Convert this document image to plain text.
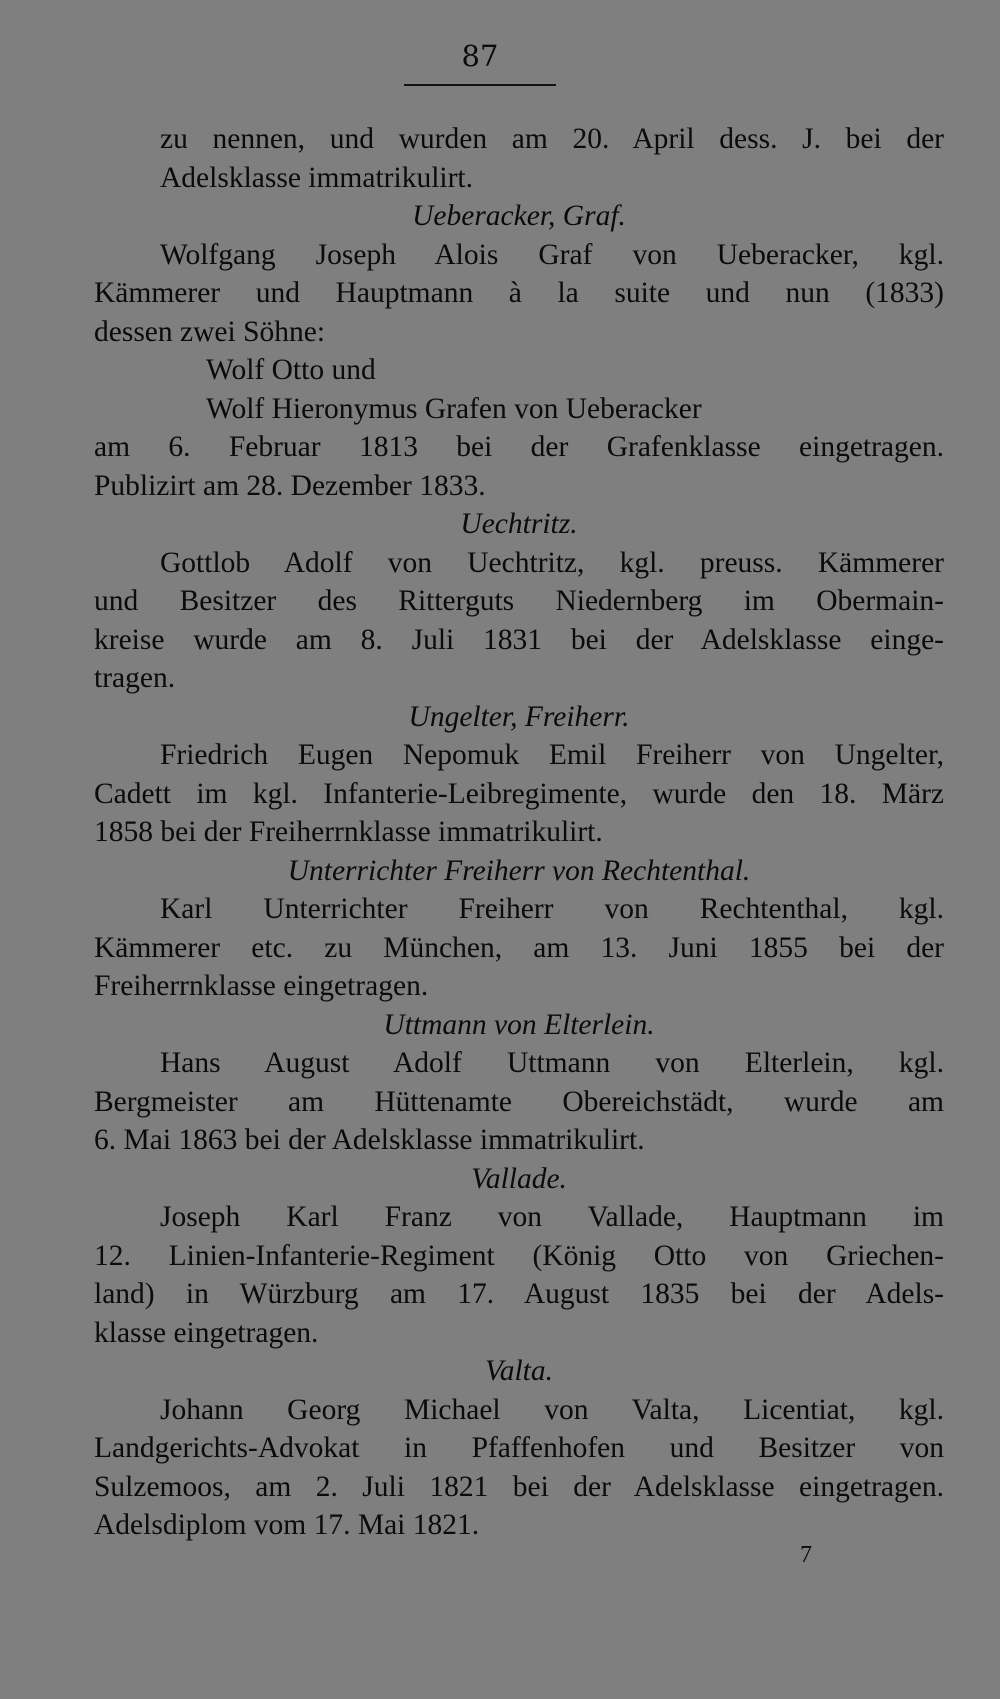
87
zu nennen, und wurden am 20. April dess. J. bei der
Adelsklasse immatrikulirt.
Ueberacker, Graf.
Wolfgang Joseph Alois Graf von Ueberacker, kgl.
Kämmerer und Hauptmann à la suite und nun (1833)
dessen zwei Söhne:
Wolf Otto und
Wolf Hieronymus Grafen von Ueberacker
am 6. Februar 1813 bei der Grafenklasse eingetragen.
Publizirt am 28. Dezember 1833.
Uechtritz.
Gottlob Adolf von Uechtritz, kgl. preuss. Kämmerer
und Besitzer des Ritterguts Niedernberg im Obermain-
kreise wurde am 8. Juli 1831 bei der Adelsklasse einge-
tragen.
Ungelter, Freiherr.
Friedrich Eugen Nepomuk Emil Freiherr von Ungelter,
Cadett im kgl. Infanterie-Leibregimente, wurde den 18. März
1858 bei der Freiherrnklasse immatrikulirt.
Unterrichter Freiherr von Rechtenthal.
Karl Unterrichter Freiherr von Rechtenthal, kgl.
Kämmerer etc. zu München, am 13. Juni 1855 bei der
Freiherrnklasse eingetragen.
Uttmann von Elterlein.
Hans August Adolf Uttmann von Elterlein, kgl.
Bergmeister am Hüttenamte Obereichstädt, wurde am
6. Mai 1863 bei der Adelsklasse immatrikulirt.
Vallade.
Joseph Karl Franz von Vallade, Hauptmann im
12. Linien-Infanterie-Regiment (König Otto von Griechen-
land) in Würzburg am 17. August 1835 bei der Adels-
klasse eingetragen.
Valta.
Johann Georg Michael von Valta, Licentiat, kgl.
Landgerichts-Advokat in Pfaffenhofen und Besitzer von
Sulzemoos, am 2. Juli 1821 bei der Adelsklasse eingetragen.
Adelsdiplom vom 17. Mai 1821.
7
